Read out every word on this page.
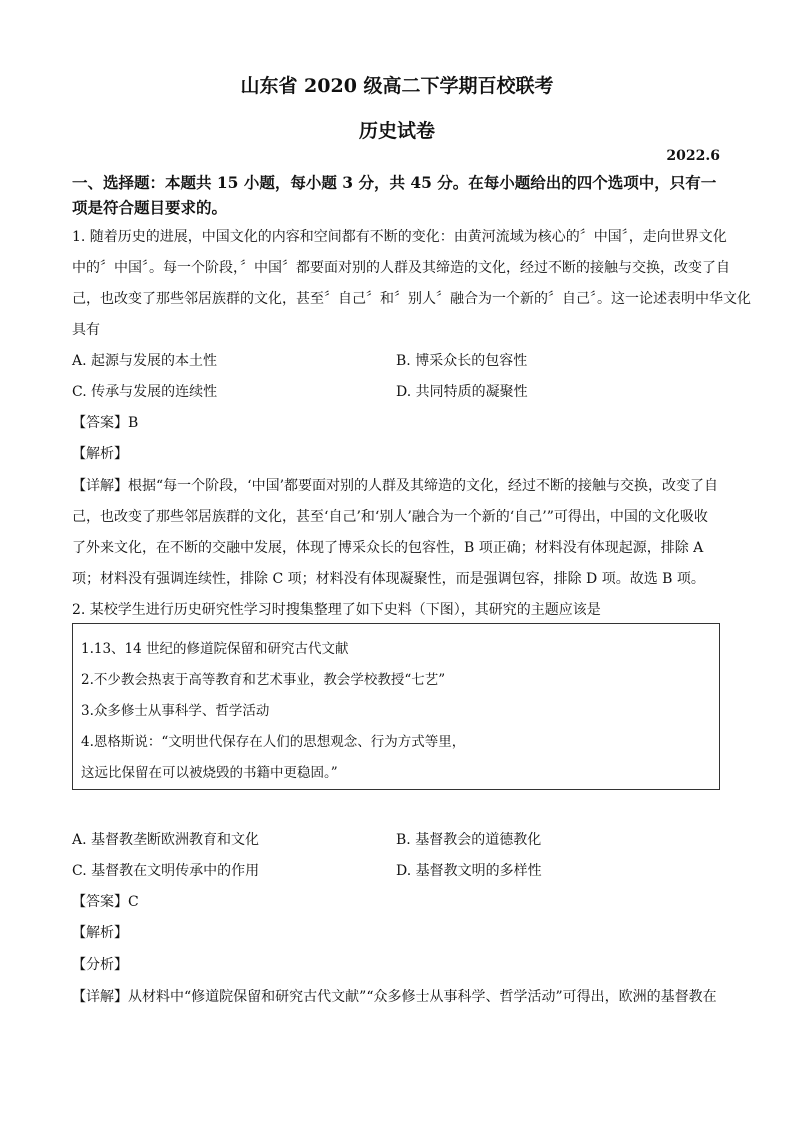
山东省 2020 级高二下学期百校联考
历史试卷
2022.6
一、选择题：本题共 15 小题，每小题 3 分，共 45 分。在每小题给出的四个选项中，只有一
项是符合题目要求的。
1. 随着历史的进展，中国文化的内容和空间都有不断的变化：由黄河流域为核心的〞中国〞，走向世界文化
中的〞中国〞。每一个阶段，〞中国〞都要面对别的人群及其缔造的文化，经过不断的接触与交换，改变了自
己，也改变了那些邻居族群的文化，甚至〞自己〞和〞别人〞融合为一个新的〞自己〞。这一论述表明中华文化
具有
A. 起源与发展的本土性	B. 博采众长的包容性
C. 传承与发展的连续性	D. 共同特质的凝聚性
【答案】B
【解析】
【详解】根据“每一个阶段，‘中国’都要面对别的人群及其缔造的文化，经过不断的接触与交换，改变了自
己，也改变了那些邻居族群的文化，甚至‘自己’和‘别人’融合为一个新的‘自己’”可得出，中国的文化吸收
了外来文化，在不断的交融中发展，体现了博采众长的包容性，B 项正确；材料没有体现起源，排除 A
项；材料没有强调连续性，排除 C 项；材料没有体现凝聚性，而是强调包容，排除 D 项。故选 B 项。
2. 某校学生进行历史研究性学习时搜集整理了如下史料（下图），其研究的主题应该是
1.13、14 世纪的修道院保留和研究古代文献
2.不少教会热衷于高等教育和艺术事业，教会学校教授“七艺”
3.众多修士从事科学、哲学活动
4.恩格斯说：“文明世代保存在人们的思想观念、行为方式等里，
这远比保留在可以被烧毁的书籍中更稳固。”
A. 基督教垄断欧洲教育和文化	B. 基督教会的道德教化
C. 基督教在文明传承中的作用	D. 基督教文明的多样性
【答案】C
【解析】
【分析】
【详解】从材料中“修道院保留和研究古代文献”“众多修士从事科学、哲学活动”可得出，欧洲的基督教在
